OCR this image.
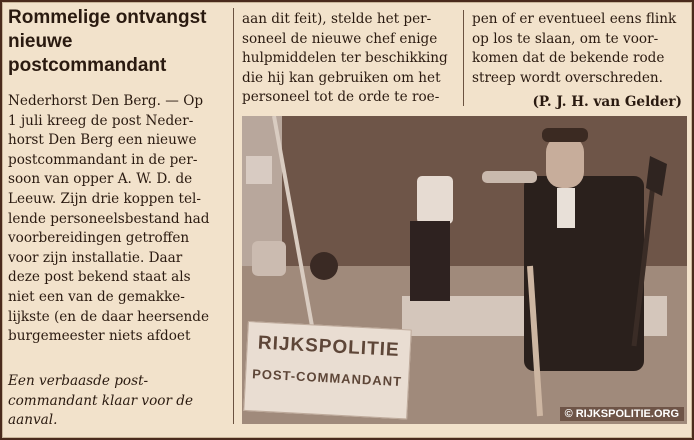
Rommelige ontvangst
nieuwe
postcommandant

Nederhorst Den Berg. — Op
1 juli kreeg de post Neder-
horst Den Berg een nieuwe
postcommandant in de per-
soon van opper A. W. D. de
Leeuw. Zijn drie koppen tel-
lende personeelsbestand had
voorbereidingen getroffen
voor zijn installatie. Daar
deze post bekend staat als
niet een van de gemakke-
lijkste (en de daar heersende
burgemeester niets afdoet

Een verbaasde post-
commandant klaar voor de
aanval.

aan dit feit), stelde het per-
soneel de nieuwe chef enige
hulpmiddelen ter beschikking
die hij kan gebruiken om het
personeel tot de orde te roe-

pen of er eventueel eens flink
op los te slaan, om te voor-
komen dat de bekende rode
streep wordt overschreden.

(P. J. H. van Gelder)

RIJKSPOLITIE
POST-COMMANDANT
© RIJKSPOLITIE.ORG
